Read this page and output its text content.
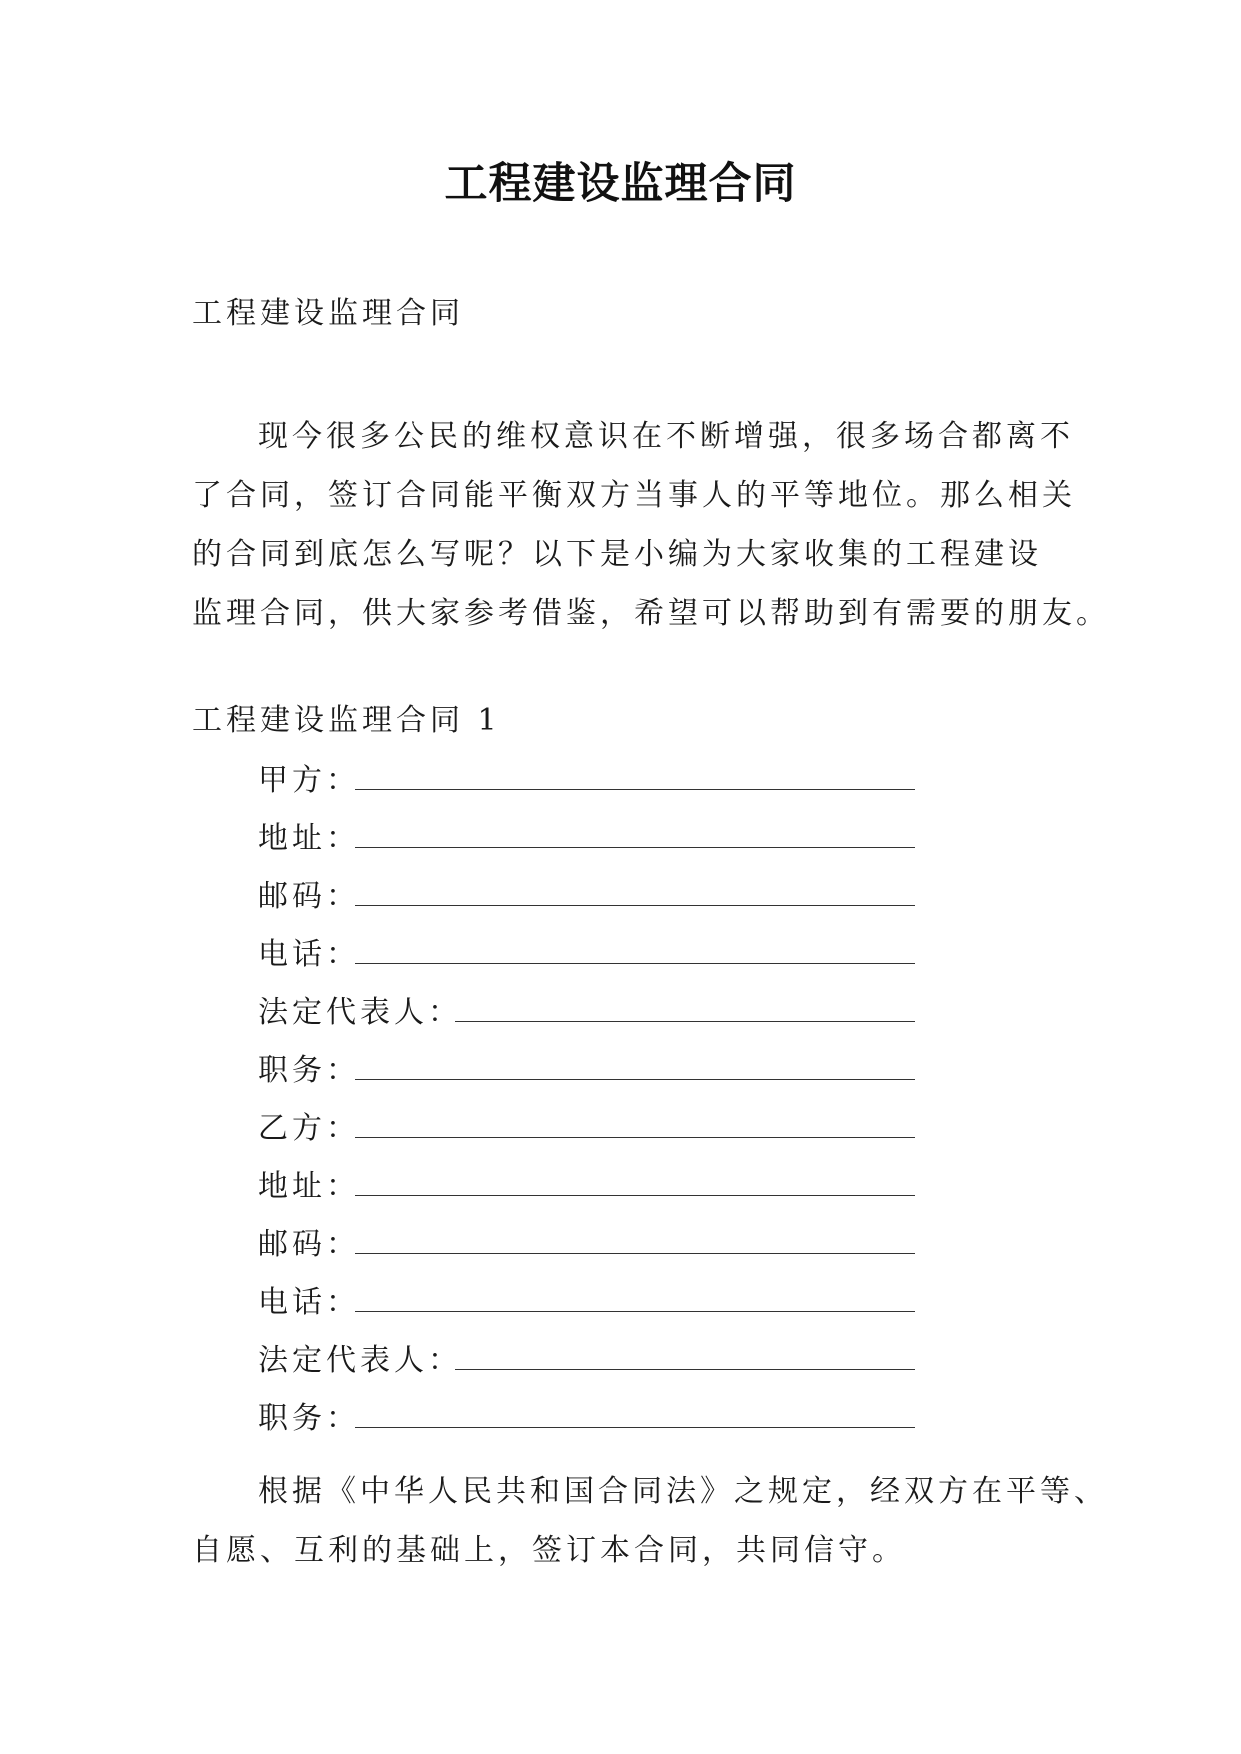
工程建设监理合同
工程建设监理合同
现今很多公民的维权意识在不断增强，很多场合都离不
了合同，签订合同能平衡双方当事人的平等地位。那么相关
的合同到底怎么写呢？以下是小编为大家收集的工程建设
监理合同，供大家参考借鉴，希望可以帮助到有需要的朋友。
工程建设监理合同 1
甲方：
地址：
邮码：
电话：
法定代表人：
职务：
乙方：
地址：
邮码：
电话：
法定代表人：
职务：
根据《中华人民共和国合同法》之规定，经双方在平等、
自愿、互利的基础上，签订本合同，共同信守。
